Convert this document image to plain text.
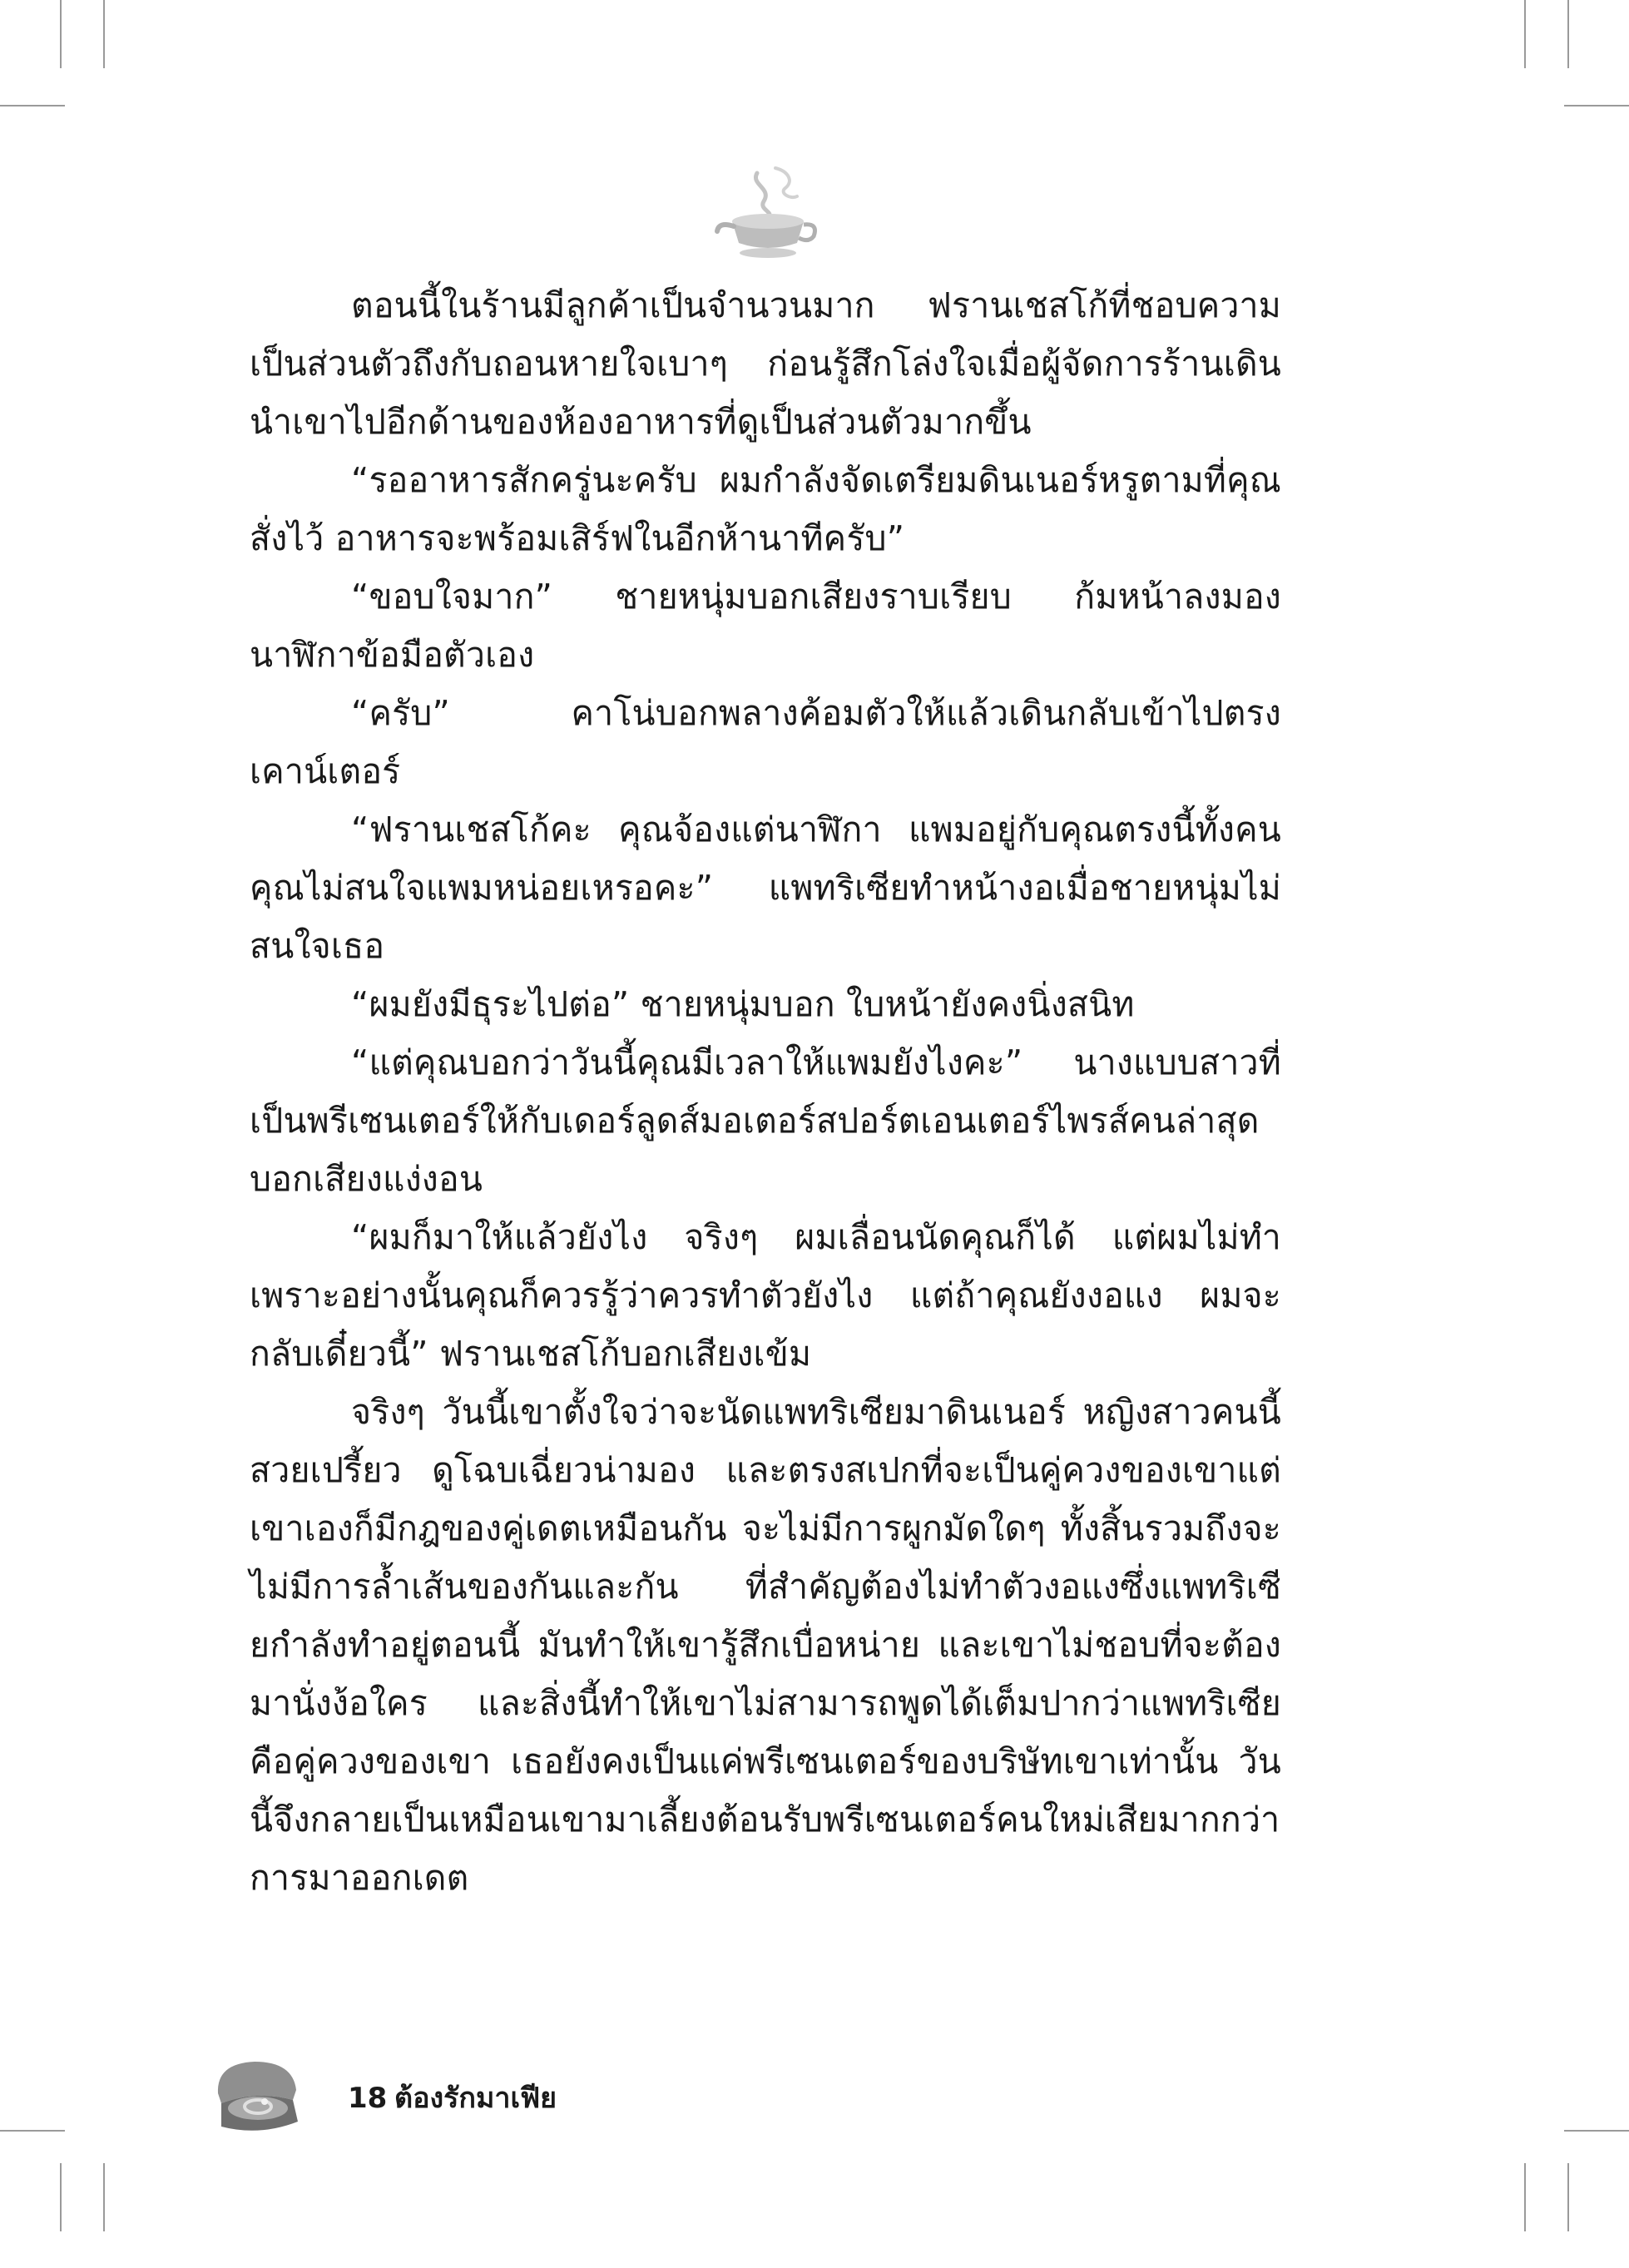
ตอนนี้ในร้านมีลูกค้าเป็นจำนวนมาก ฟรานเชสโก้ที่ชอบความเป็นส่วนตัวถึงกับถอนหายใจเบาๆ ก่อนรู้สึกโล่งใจเมื่อผู้จัดการร้านเดินนำเขาไปอีกด้านของห้องอาหารที่ดูเป็นส่วนตัวมากขึ้น

“รออาหารสักครู่นะครับ ผมกำลังจัดเตรียมดินเนอร์หรูตามที่คุณสั่งไว้ อาหารจะพร้อมเสิร์ฟในอีกห้านาทีครับ”

“ขอบใจมาก” ชายหนุ่มบอกเสียงราบเรียบ ก้มหน้าลงมองนาฬิกาข้อมือตัวเอง

“ครับ” คาโน่บอกพลางค้อมตัวให้แล้วเดินกลับเข้าไปตรงเคาน์เตอร์

“ฟรานเชสโก้คะ คุณจ้องแต่นาฬิกา แพมอยู่กับคุณตรงนี้ทั้งคนคุณไม่สนใจแพมหน่อยเหรอคะ” แพทริเซียทำหน้างอเมื่อชายหนุ่มไม่สนใจเธอ

“ผมยังมีธุระไปต่อ” ชายหนุ่มบอก ใบหน้ายังคงนิ่งสนิท

“แต่คุณบอกว่าวันนี้คุณมีเวลาให้แพมยังไงคะ” นางแบบสาวที่เป็นพรีเซนเตอร์ให้กับเดอร์ลูดส์มอเตอร์สปอร์ตเอนเตอร์ไพรส์คนล่าสุดบอกเสียงแง่งอน

“ผมก็มาให้แล้วยังไง จริงๆ ผมเลื่อนนัดคุณก็ได้ แต่ผมไม่ทำเพราะอย่างนั้นคุณก็ควรรู้ว่าควรทำตัวยังไง แต่ถ้าคุณยังงอแง ผมจะกลับเดี๋ยวนี้” ฟรานเชสโก้บอกเสียงเข้ม

จริงๆ วันนี้เขาตั้งใจว่าจะนัดแพทริเซียมาดินเนอร์ หญิงสาวคนนี้สวยเปรี้ยว ดูโฉบเฉี่ยวน่ามอง และตรงสเปกที่จะเป็นคู่ควงของเขาแต่เขาเองก็มีกฎของคู่เดตเหมือนกัน จะไม่มีการผูกมัดใดๆ ทั้งสิ้นรวมถึงจะไม่มีการล้ำเส้นของกันและกัน ที่สำคัญต้องไม่ทำตัวงอแงซึ่งแพทริเซียกำลังทำอยู่ตอนนี้ มันทำให้เขารู้สึกเบื่อหน่าย และเขาไม่ชอบที่จะต้องมานั่งง้อใคร และสิ่งนี้ทำให้เขาไม่สามารถพูดได้เต็มปากว่าแพทริเซียคือคู่ควงของเขา เธอยังคงเป็นแค่พรีเซนเตอร์ของบริษัทเขาเท่านั้น วันนี้จึงกลายเป็นเหมือนเขามาเลี้ยงต้อนรับพรีเซนเตอร์คนใหม่เสียมากกว่าการมาออกเดต

18 ต้องรักมาเฟีย
